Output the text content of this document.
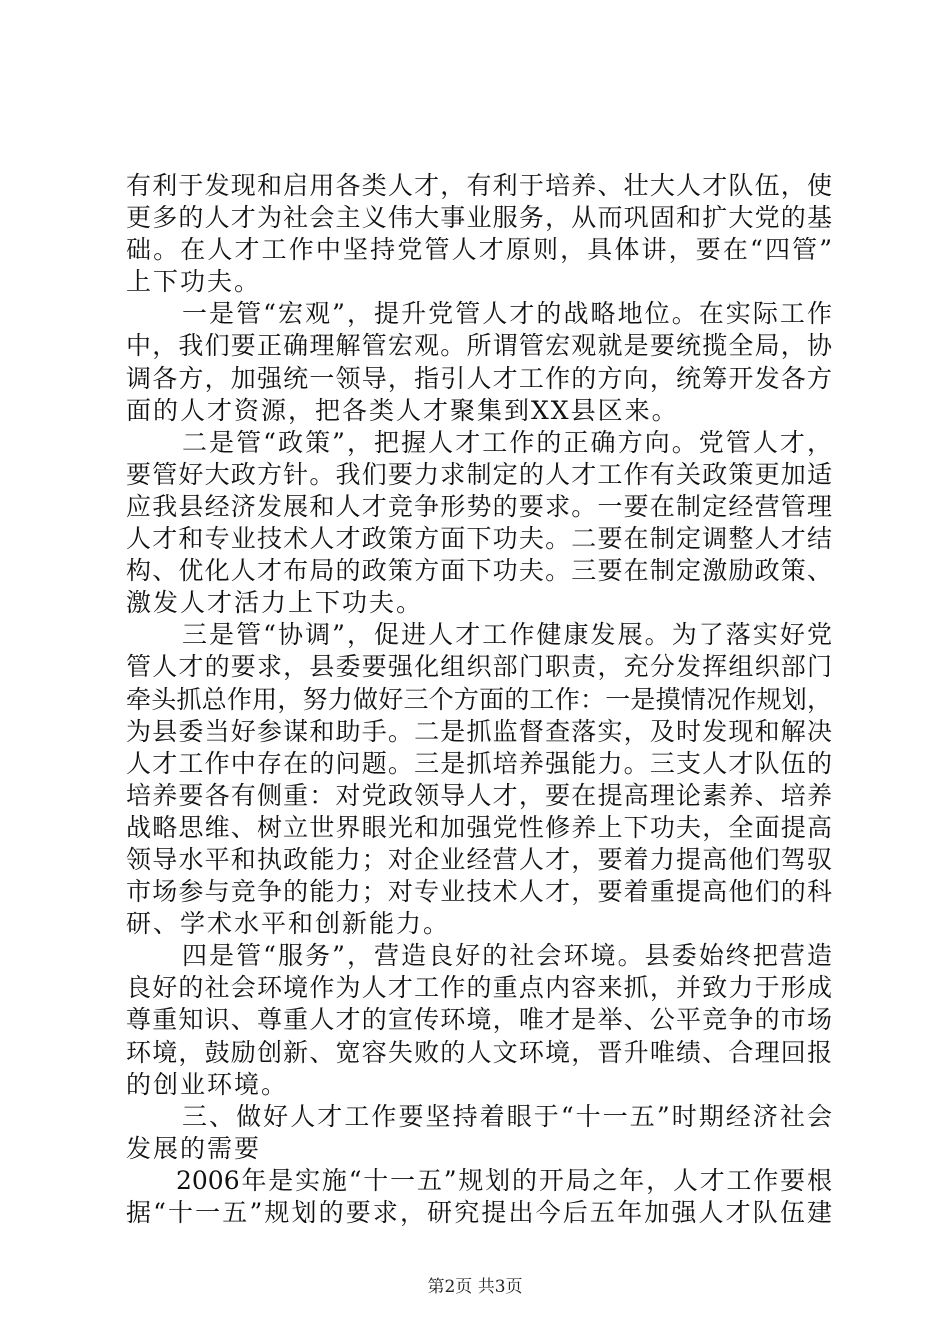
有利于发现和启用各类人才，有利于培养、壮大人才队伍，使
更多的人才为社会主义伟大事业服务，从而巩固和扩大党的基
础。在人才工作中坚持党管人才原则，具体讲，要在“四管”
上下功夫。
一是管“宏观”，提升党管人才的战略地位。在实际工作
中，我们要正确理解管宏观。所谓管宏观就是要统揽全局，协
调各方，加强统一领导，指引人才工作的方向，统筹开发各方
面的人才资源，把各类人才聚集到XX县区来。
二是管“政策”，把握人才工作的正确方向。党管人才，
要管好大政方针。我们要力求制定的人才工作有关政策更加适
应我县经济发展和人才竞争形势的要求。一要在制定经营管理
人才和专业技术人才政策方面下功夫。二要在制定调整人才结
构、优化人才布局的政策方面下功夫。三要在制定激励政策、
激发人才活力上下功夫。
三是管“协调”，促进人才工作健康发展。为了落实好党
管人才的要求，县委要强化组织部门职责，充分发挥组织部门
牵头抓总作用，努力做好三个方面的工作：一是摸情况作规划，
为县委当好参谋和助手。二是抓监督查落实，及时发现和解决
人才工作中存在的问题。三是抓培养强能力。三支人才队伍的
培养要各有侧重：对党政领导人才，要在提高理论素养、培养
战略思维、树立世界眼光和加强党性修养上下功夫，全面提高
领导水平和执政能力；对企业经营人才，要着力提高他们驾驭
市场参与竞争的能力；对专业技术人才，要着重提高他们的科
研、学术水平和创新能力。
四是管“服务”，营造良好的社会环境。县委始终把营造
良好的社会环境作为人才工作的重点内容来抓，并致力于形成
尊重知识、尊重人才的宣传环境，唯才是举、公平竞争的市场
环境，鼓励创新、宽容失败的人文环境，晋升唯绩、合理回报
的创业环境。
三、做好人才工作要坚持着眼于“十一五”时期经济社会
发展的需要
2006年是实施“十一五”规划的开局之年，人才工作要根
据“十一五”规划的要求，研究提出今后五年加强人才队伍建
第2页 共3页
